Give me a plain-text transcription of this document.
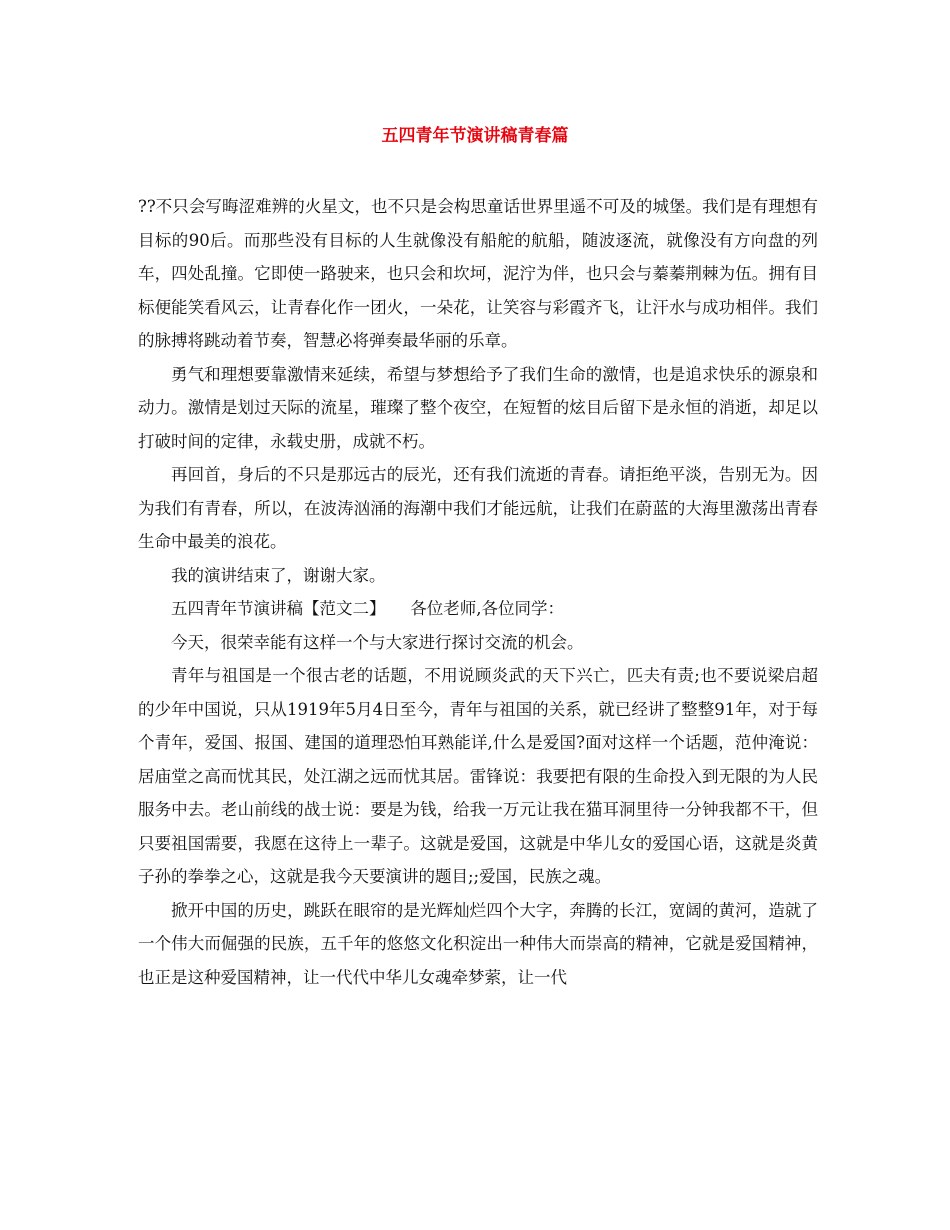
五四青年节演讲稿青春篇

??不只会写晦涩难辨的火星文，也不只是会构思童话世界里遥不可及的城堡。我们是有理想有目标的90后。而那些没有目标的人生就像没有船舵的航船，随波逐流，就像没有方向盘的列车，四处乱撞。它即使一路驶来，也只会和坎坷，泥泞为伴，也只会与蓁蓁荆棘为伍。拥有目标便能笑看风云，让青春化作一团火，一朵花，让笑容与彩霞齐飞，让汗水与成功相伴。我们的脉搏将跳动着节奏，智慧必将弹奏最华丽的乐章。

勇气和理想要靠激情来延续，希望与梦想给予了我们生命的激情，也是追求快乐的源泉和动力。激情是划过天际的流星，璀璨了整个夜空，在短暂的炫目后留下是永恒的消逝，却足以打破时间的定律，永载史册，成就不朽。

再回首，身后的不只是那远古的辰光，还有我们流逝的青春。请拒绝平淡，告别无为。因为我们有青春，所以，在波涛汹涌的海潮中我们才能远航，让我们在蔚蓝的大海里激荡出青春生命中最美的浪花。

我的演讲结束了，谢谢大家。

五四青年节演讲稿【范文二】　　各位老师,各位同学：

今天，很荣幸能有这样一个与大家进行探讨交流的机会。

青年与祖国是一个很古老的话题，不用说顾炎武的天下兴亡，匹夫有责;也不要说梁启超的少年中国说，只从1919年5月4日至今，青年与祖国的关系，就已经讲了整整91年，对于每个青年，爱国、报国、建国的道理恐怕耳熟能详,什么是爱国?面对这样一个话题，范仲淹说：居庙堂之高而忧其民，处江湖之远而忧其居。雷锋说：我要把有限的生命投入到无限的为人民服务中去。老山前线的战士说：要是为钱，给我一万元让我在猫耳洞里待一分钟我都不干，但只要祖国需要，我愿在这待上一辈子。这就是爱国，这就是中华儿女的爱国心语，这就是炎黄子孙的拳拳之心，这就是我今天要演讲的题目;;爱国，民族之魂。

掀开中国的历史，跳跃在眼帘的是光辉灿烂四个大字，奔腾的长江，宽阔的黄河，造就了一个伟大而倔强的民族，五千年的悠悠文化积淀出一种伟大而崇高的精神，它就是爱国精神，也正是这种爱国精神，让一代代中华儿女魂牵梦萦，让一代
